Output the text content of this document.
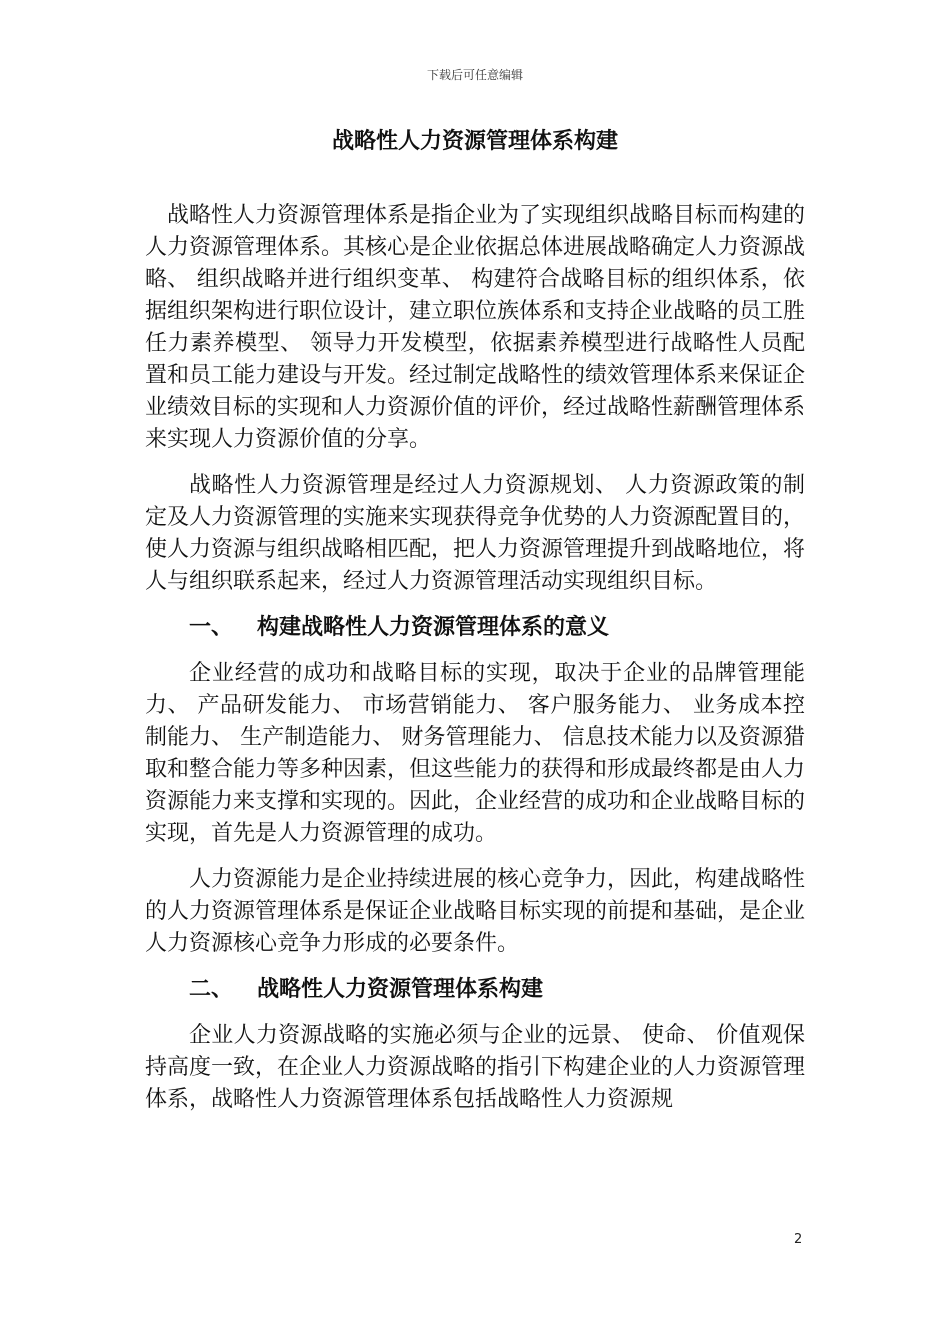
下载后可任意编辑
战略性人力资源管理体系构建

战略性人力资源管理体系是指企业为了实现组织战略目标而构建的人力资源管理体系。其核心是企业依据总体进展战略确定人力资源战略、 组织战略并进行组织变革、 构建符合战略目标的组织体系，依据组织架构进行职位设计，建立职位族体系和支持企业战略的员工胜任力素养模型、 领导力开发模型，依据素养模型进行战略性人员配置和员工能力建设与开发。经过制定战略性的绩效管理体系来保证企业绩效目标的实现和人力资源价值的评价，经过战略性薪酬管理体系来实现人力资源价值的分享。

战略性人力资源管理是经过人力资源规划、 人力资源政策的制定及人力资源管理的实施来实现获得竞争优势的人力资源配置目的，使人力资源与组织战略相匹配，把人力资源管理提升到战略地位，将人与组织联系起来，经过人力资源管理活动实现组织目标。

一、 构建战略性人力资源管理体系的意义

企业经营的成功和战略目标的实现，取决于企业的品牌管理能力、 产品研发能力、 市场营销能力、 客户服务能力、 业务成本控制能力、 生产制造能力、 财务管理能力、 信息技术能力以及资源猎取和整合能力等多种因素，但这些能力的获得和形成最终都是由人力资源能力来支撑和实现的。因此，企业经营的成功和企业战略目标的实现，首先是人力资源管理的成功。

人力资源能力是企业持续进展的核心竞争力，因此，构建战略性的人力资源管理体系是保证企业战略目标实现的前提和基础，是企业人力资源核心竞争力形成的必要条件。

二、 战略性人力资源管理体系构建

企业人力资源战略的实施必须与企业的远景、 使命、 价值观保持高度一致，在企业人力资源战略的指引下构建企业的人力资源管理体系，战略性人力资源管理体系包括战略性人力资源规

2
